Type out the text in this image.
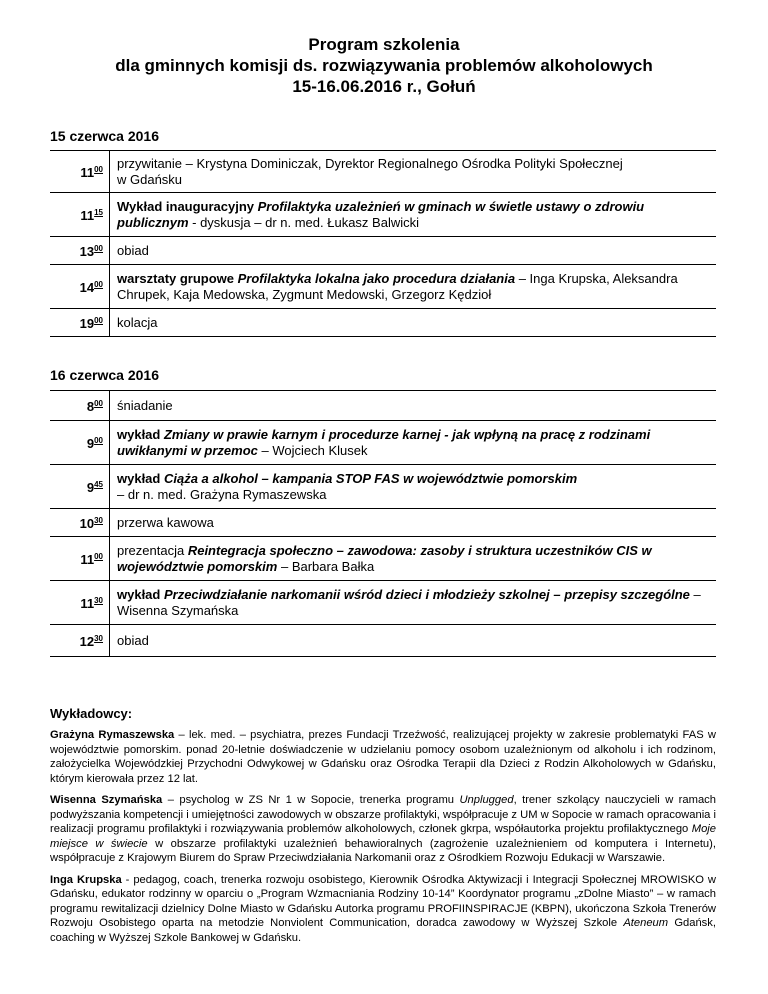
Program szkolenia
dla gminnych komisji ds. rozwiązywania problemów alkoholowych
15-16.06.2016 r., Gołuń
15 czerwca 2016
$11^{00}$	przywitanie – Krystyna Dominiczak, Dyrektor Regionalnego Ośrodka Polityki Społecznej
w Gdańsku
$11^{15}$	Wykład inauguracyjny Profilaktyka uzależnień w gminach w świetle ustawy o zdrowiu publicznym - dyskusja – dr n. med. Łukasz Balwicki
$13^{00}$	obiad
$14^{00}$	warsztaty grupowe Profilaktyka lokalna jako procedura działania – Inga Krupska, Aleksandra Chrupek, Kaja Medowska, Zygmunt Medowski, Grzegorz Kędzioł
$19^{00}$	kolacja
16 czerwca 2016
$8^{00}$	śniadanie
$9^{00}$	wykład Zmiany w prawie karnym i procedurze karnej - jak wpłyną na pracę z rodzinami uwikłanymi w przemoc – Wojciech Klusek
$9^{45}$	wykład Ciąża a alkohol – kampania STOP FAS w województwie pomorskim
– dr n. med. Grażyna Rymaszewska
$10^{30}$	przerwa kawowa
$11^{00}$	prezentacja Reintegracja społeczno – zawodowa: zasoby i struktura uczestników CIS w województwie pomorskim – Barbara Bałka
$11^{30}$	wykład Przeciwdziałanie narkomanii wśród dzieci i młodzieży szkolnej – przepisy szczególne – Wisenna Szymańska
$12^{30}$	obiad
Wykładowcy:

Grażyna Rymaszewska – lek. med. – psychiatra, prezes Fundacji Trzeźwość, realizującej projekty w zakresie problematyki FAS w województwie pomorskim. ponad 20-letnie doświadczenie w udzielaniu pomocy osobom uzależnionym od alkoholu i ich rodzinom, założycielka Wojewódzkiej Przychodni Odwykowej w Gdańsku oraz Ośrodka Terapii dla Dzieci z Rodzin Alkoholowych w Gdańsku, którym kierowała przez 12 lat.

Wisenna Szymańska – psycholog w ZS Nr 1 w Sopocie, trenerka programu Unplugged, trener szkolący nauczycieli w ramach podwyższania kompetencji i umiejętności zawodowych w obszarze profilaktyki, współpracuje z UM w Sopocie w ramach opracowania i realizacji programu profilaktyki i rozwiązywania problemów alkoholowych, członek gkrpa, współautorka projektu profilaktycznego Moje miejsce w świecie w obszarze profilaktyki uzależnień behawioralnych (zagrożenie uzależnieniem od komputera i Internetu), współpracuje z Krajowym Biurem do Spraw Przeciwdziałania Narkomanii oraz z Ośrodkiem Rozwoju Edukacji w Warszawie.

Inga Krupska - pedagog, coach, trenerka rozwoju osobistego, Kierownik Ośrodka Aktywizacji i Integracji Społecznej MROWISKO w Gdańsku, edukator rodzinny w oparciu o „Program Wzmacniania Rodziny 10-14” Koordynator programu „zDolne Miasto” – w ramach programu rewitalizacji dzielnicy Dolne Miasto w Gdańsku Autorka programu PROFIINSPIRACJE (KBPN), ukończona Szkoła Trenerów Rozwoju Osobistego oparta na metodzie Nonviolent Communication, doradca zawodowy w Wyższej Szkole Ateneum Gdańsk, coaching w Wyższej Szkole Bankowej w Gdańsku.
